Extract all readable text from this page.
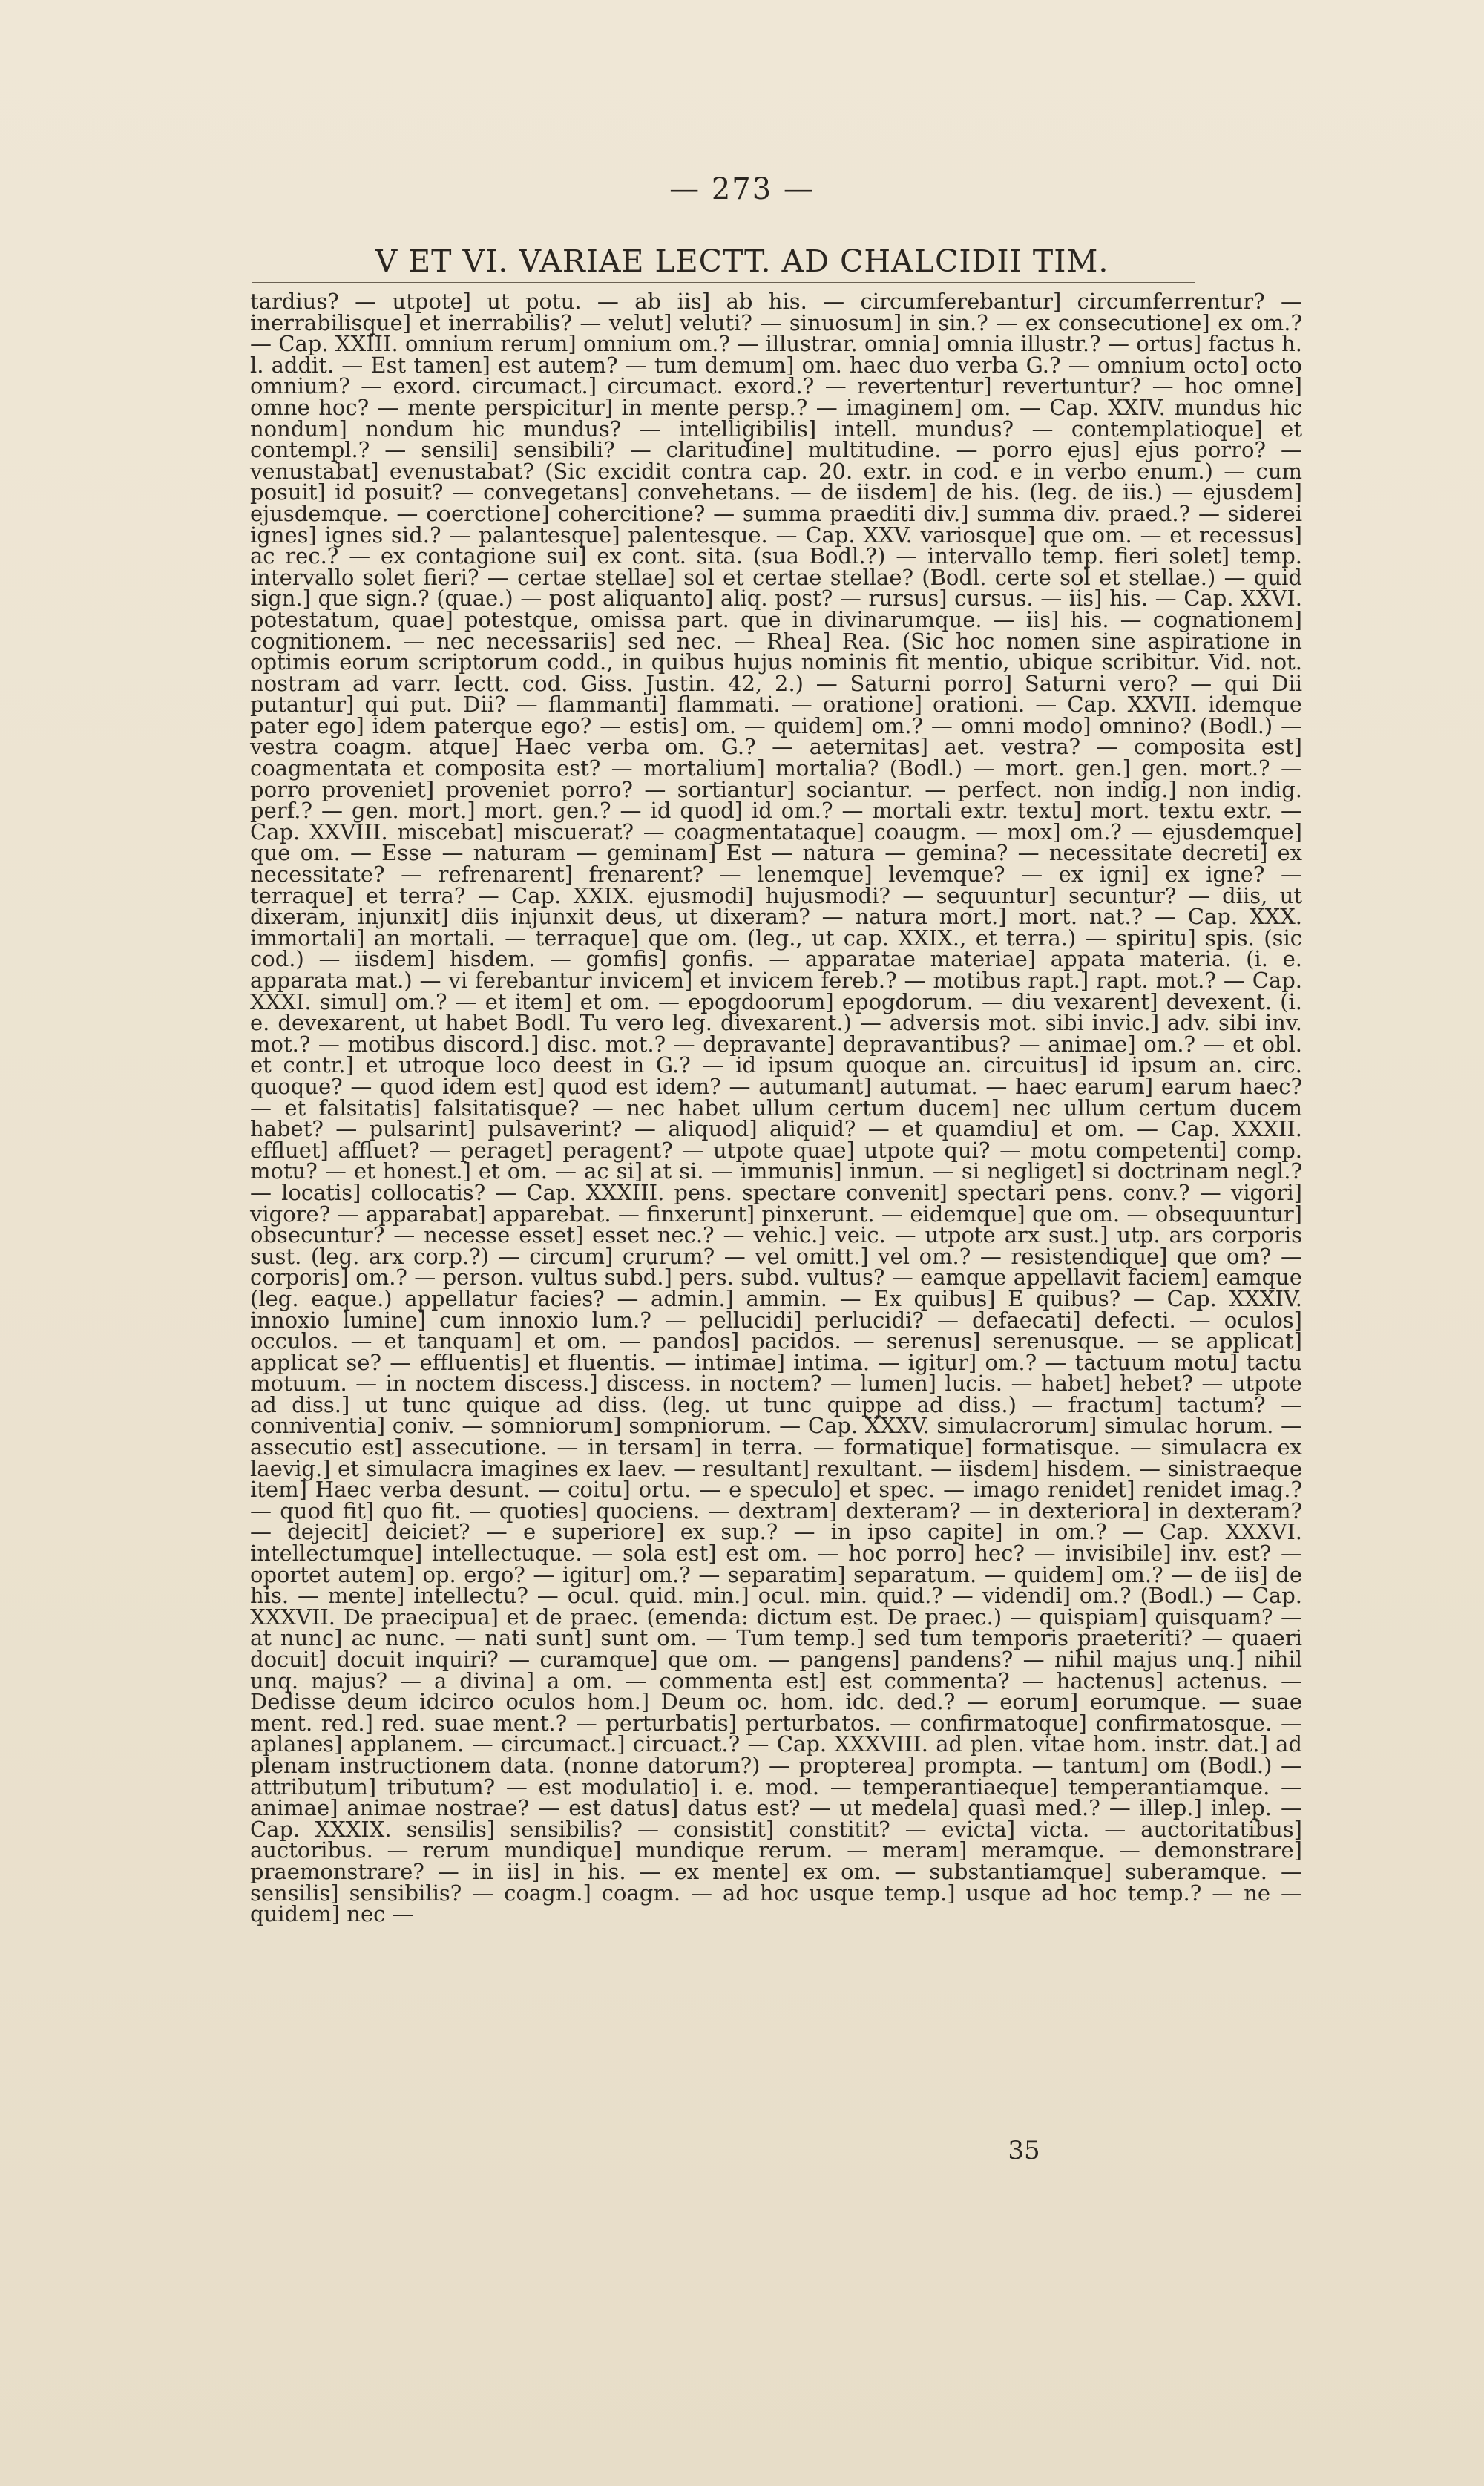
— 273 —
V ET VI. VARIAE LECTT. AD CHALCIDII TIM.

tardius? — utpote] ut potu. — ab iis] ab his. — circumferebantur] circumferrentur? — inerrabilisque] et inerrabilis? — velut] veluti? — sinuosum] in sin.? — ex consecutione] ex om.? — Cap. XXIII. omnium rerum] omnium om.? — illustrar. omnia] omnia illustr.? — ortus] factus h. l. addit. — Est tamen] est autem? — tum demum] om. haec duo verba G.? — omnium octo] octo omnium? — exord. circumact.] circumact. exord.? — revertentur] revertuntur? — hoc omne] omne hoc? — mente perspicitur] in mente persp.? — imaginem] om. — Cap. XXIV. mundus hic nondum] nondum hic mundus? — intelligibilis] intell. mundus? — contemplatioque] et contempl.? — sensili] sensibili? — claritudine] multitudine. — porro ejus] ejus porro? — venustabat] evenustabat? (Sic excidit contra cap. 20. extr. in cod. e in verbo enum.) — cum posuit] id posuit? — convegetans] convehetans. — de iisdem] de his. (leg. de iis.) — ejusdem] ejusdemque. — coerctione] cohercitione? — summa praediti div.] summa div. praed.? — siderei ignes] ignes sid.? — palantesque] palentesque. — Cap. XXV. variosque] que om. — et recessus] ac rec.? — ex contagione sui] ex cont. sita. (sua Bodl.?) — intervallo temp. fieri solet] temp. intervallo solet fieri? — certae stellae] sol et certae stellae? (Bodl. certe sol et stellae.) — quid sign.] que sign.? (quae.) — post aliquanto] aliq. post? — rursus] cursus. — iis] his. — Cap. XXVI. potestatum, quae] potestque, omissa part. que in divinarumque. — iis] his. — cognationem] cognitionem. — nec necessariis] sed nec. — Rhea] Rea. (Sic hoc nomen sine aspiratione in optimis eorum scriptorum codd., in quibus hujus nominis fit mentio, ubique scribitur. Vid. not. nostram ad varr. lectt. cod. Giss. Justin. 42, 2.) — Saturni porro] Saturni vero? — qui Dii putantur] qui put. Dii? — flammanti] flammati. — oratione] orationi. — Cap. XXVII. idemque pater ego] idem paterque ego? — estis] om. — quidem] om.? — omni modo] omnino? (Bodl.) — vestra coagm. atque] Haec verba om. G.? — aeternitas] aet. vestra? — composita est] coagmentata et composita est? — mortalium] mortalia? (Bodl.) — mort. gen.] gen. mort.? — porro proveniet] proveniet porro? — sortiantur] sociantur. — perfect. non indig.] non indig. perf.? — gen. mort.] mort. gen.? — id quod] id om.? — mortali extr. textu] mort. textu extr. — Cap. XXVIII. miscebat] miscuerat? — coagmentataque] coaugm. — mox] om.? — ejusdemque] que om. — Esse — naturam — geminam] Est — natura — gemina? — necessitate decreti] ex necessitate? — refrenarent] frenarent? — lenemque] levemque? — ex igni] ex igne? — terraque] et terra? — Cap. XXIX. ejusmodi] hujusmodi? — sequuntur] secuntur? — diis, ut dixeram, injunxit] diis injunxit deus, ut dixeram? — natura mort.] mort. nat.? — Cap. XXX. immortali] an mortali. — terraque] que om. (leg., ut cap. XXIX., et terra.) — spiritu] spis. (sic cod.) — iisdem] hisdem. — gomfis] gonfis. — apparatae materiae] appata materia. (i. e. apparata mat.) — vi ferebantur invicem] et invicem fereb.? — motibus rapt.] rapt. mot.? — Cap. XXXI. simul] om.? — et item] et om. — epogdoorum] epogdorum. — diu vexarent] devexent. (i. e. devexarent, ut habet Bodl. Tu vero leg. divexarent.) — adversis mot. sibi invic.] adv. sibi inv. mot.? — motibus discord.] disc. mot.? — depravante] depravantibus? — animae] om.? — et obl. et contr.] et utroque loco deest in G.? — id ipsum quoque an. circuitus] id ipsum an. circ. quoque? — quod idem est] quod est idem? — autumant] autumat. — haec earum] earum haec? — et falsitatis] falsitatisque? — nec habet ullum certum ducem] nec ullum certum ducem habet? — pulsarint] pulsaverint? — aliquod] aliquid? — et quamdiu] et om. — Cap. XXXII. effluet] affluet? — peraget] peragent? — utpote quae] utpote qui? — motu competenti] comp. motu? — et honest.] et om. — ac si] at si. — immunis] inmun. — si negliget] si doctrinam negl.? — locatis] collocatis? — Cap. XXXIII. pens. spectare convenit] spectari pens. conv.? — vigori] vigore? — apparabat] apparebat. — finxerunt] pinxerunt. — eidemque] que om. — obsequuntur] obsecuntur? — necesse esset] esset nec.? — vehic.] veic. — utpote arx sust.] utp. ars corporis sust. (leg. arx corp.?) — circum] crurum? — vel omitt.] vel om.? — resistendique] que om? — corporis] om.? — person. vultus subd.] pers. subd. vultus? — eamque appellavit faciem] eamque (leg. eaque.) appellatur facies? — admin.] ammin. — Ex quibus] E quibus? — Cap. XXXIV. innoxio lumine] cum innoxio lum.? — pellucidi] perlucidi? — defaecati] defecti. — oculos] occulos. — et tanquam] et om. — pandos] pacidos. — serenus] serenusque. — se applicat] applicat se? — effluentis] et fluentis. — intimae] intima. — igitur] om.? — tactuum motu] tactu motuum. — in noctem discess.] discess. in noctem? — lumen] lucis. — habet] hebet? — utpote ad diss.] ut tunc quique ad diss. (leg. ut tunc quippe ad diss.) — fractum] tactum? — conniventia] coniv. — somniorum] sompniorum. — Cap. XXXV. simulacrorum] simulac horum. — assecutio est] assecutione. — in tersam] in terra. — formatique] formatisque. — simulacra ex laevig.] et simulacra imagines ex laev. — resultant] rexultant. — iisdem] hisdem. — sinistraeque item] Haec verba desunt. — coitu] ortu. — e speculo] et spec. — imago renidet] renidet imag.? — quod fit] quo fit. — quoties] quociens. — dextram] dexteram? — in dexteriora] in dexteram? — dejecit] deiciet? — e superiore] ex sup.? — in ipso capite] in om.? — Cap. XXXVI. intellectumque] intellectuque. — sola est] est om. — hoc porro] hec? — invisibile] inv. est? — oportet autem] op. ergo? — igitur] om.? — separatim] separatum. — quidem] om.? — de iis] de his. — mente] intellectu? — ocul. quid. min.] ocul. min. quid.? — videndi] om.? (Bodl.) — Cap. XXXVII. De praecipua] et de praec. (emenda: dictum est. De praec.) — quispiam] quisquam? — at nunc] ac nunc. — nati sunt] sunt om. — Tum temp.] sed tum temporis praeteriti? — quaeri docuit] docuit inquiri? — curamque] que om. — pangens] pandens? — nihil majus unq.] nihil unq. majus? — a divina] a om. — commenta est] est commenta? — hactenus] actenus. — Dedisse deum idcirco oculos hom.] Deum oc. hom. idc. ded.? — eorum] eorumque. — suae ment. red.] red. suae ment.? — perturbatis] perturbatos. — confirmatoque] confirmatosque. — aplanes] applanem. — circumact.] circuact.? — Cap. XXXVIII. ad plen. vitae hom. instr. dat.] ad plenam instructionem data. (nonne datorum?) — propterea] prompta. — tantum] om (Bodl.) — attributum] tributum? — est modulatio] i. e. mod. — temperantiaeque] temperantiamque. — animae] animae nostrae? — est datus] datus est? — ut medela] quasi med.? — illep.] inlep. — Cap. XXXIX. sensilis] sensibilis? — consistit] constitit? — evicta] victa. — auctoritatibus] auctoribus. — rerum mundique] mundique rerum. — meram] meramque. — demonstrare] praemonstrare? — in iis] in his. — ex mente] ex om. — substantiamque] suberamque. — sensilis] sensibilis? — coagm.] coagm. — ad hoc usque temp.] usque ad hoc temp.? — ne — quidem] nec —

35
